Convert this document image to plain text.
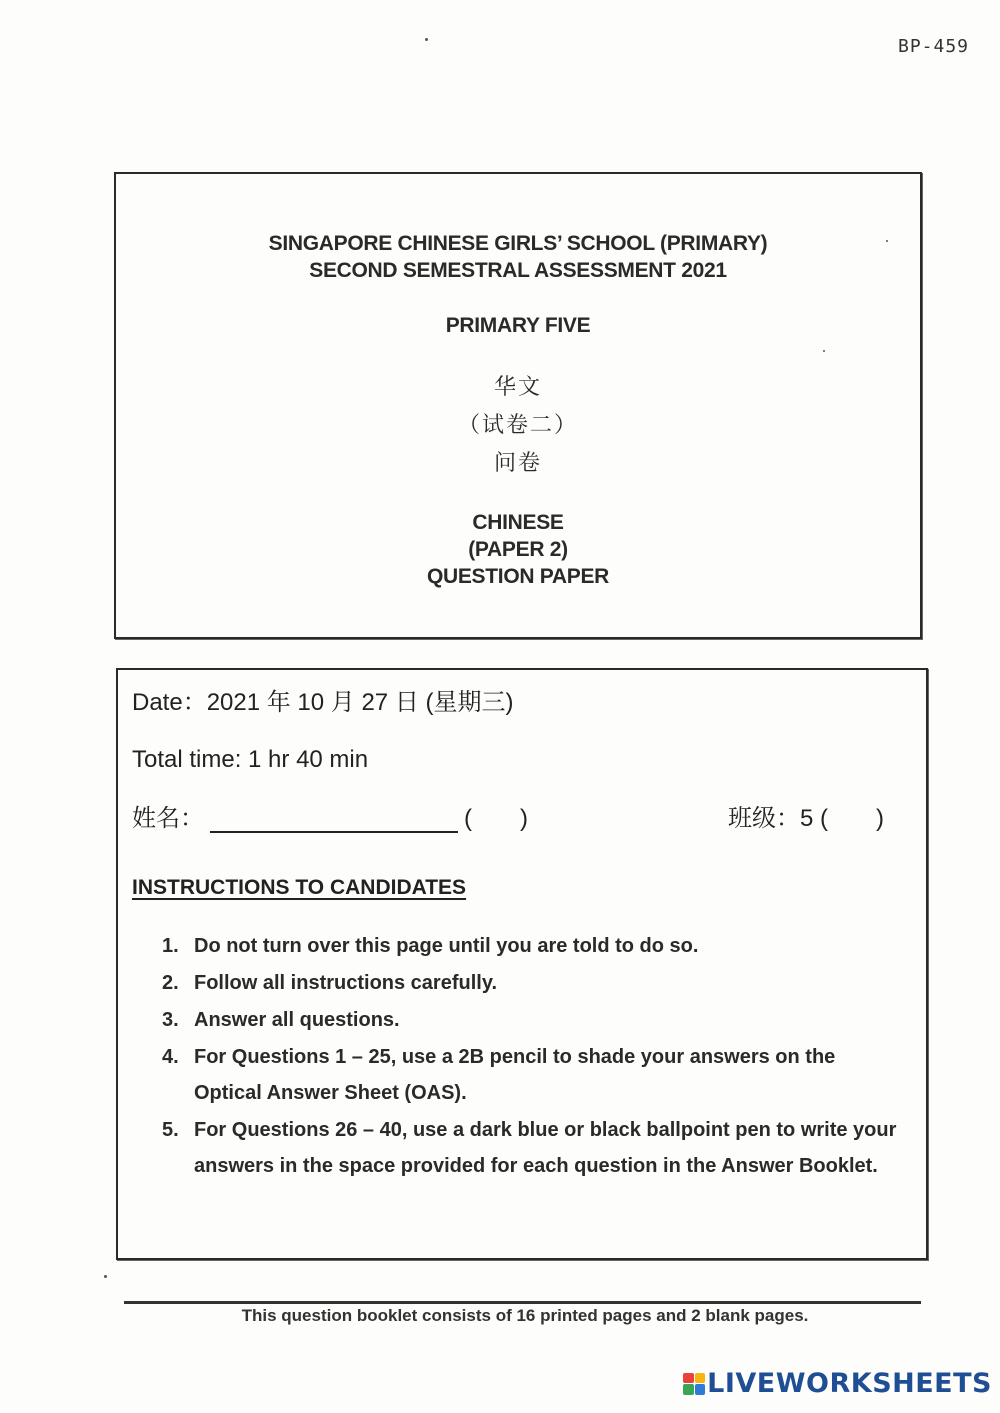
BP-459
SINGAPORE CHINESE GIRLS’ SCHOOL (PRIMARY)
SECOND SEMESTRAL ASSESSMENT 2021
PRIMARY FIVE
华文
（试卷二）
问卷
CHINESE
(PAPER 2)
QUESTION PAPER
Date：2021 年 10 月 27 日 (星期三)
Total time: 1 hr 40 min
姓名：	(　　)	班级：5 (　　)
INSTRUCTIONS TO CANDIDATES
1. Do not turn over this page until you are told to do so.
2. Follow all instructions carefully.
3. Answer all questions.
4. For Questions 1 – 25, use a 2B pencil to shade your answers on the Optical Answer Sheet (OAS).
5. For Questions 26 – 40, use a dark blue or black ballpoint pen to write your answers in the space provided for each question in the Answer Booklet.
This question booklet consists of 16 printed pages and 2 blank pages.
LIVEWORKSHEETS
